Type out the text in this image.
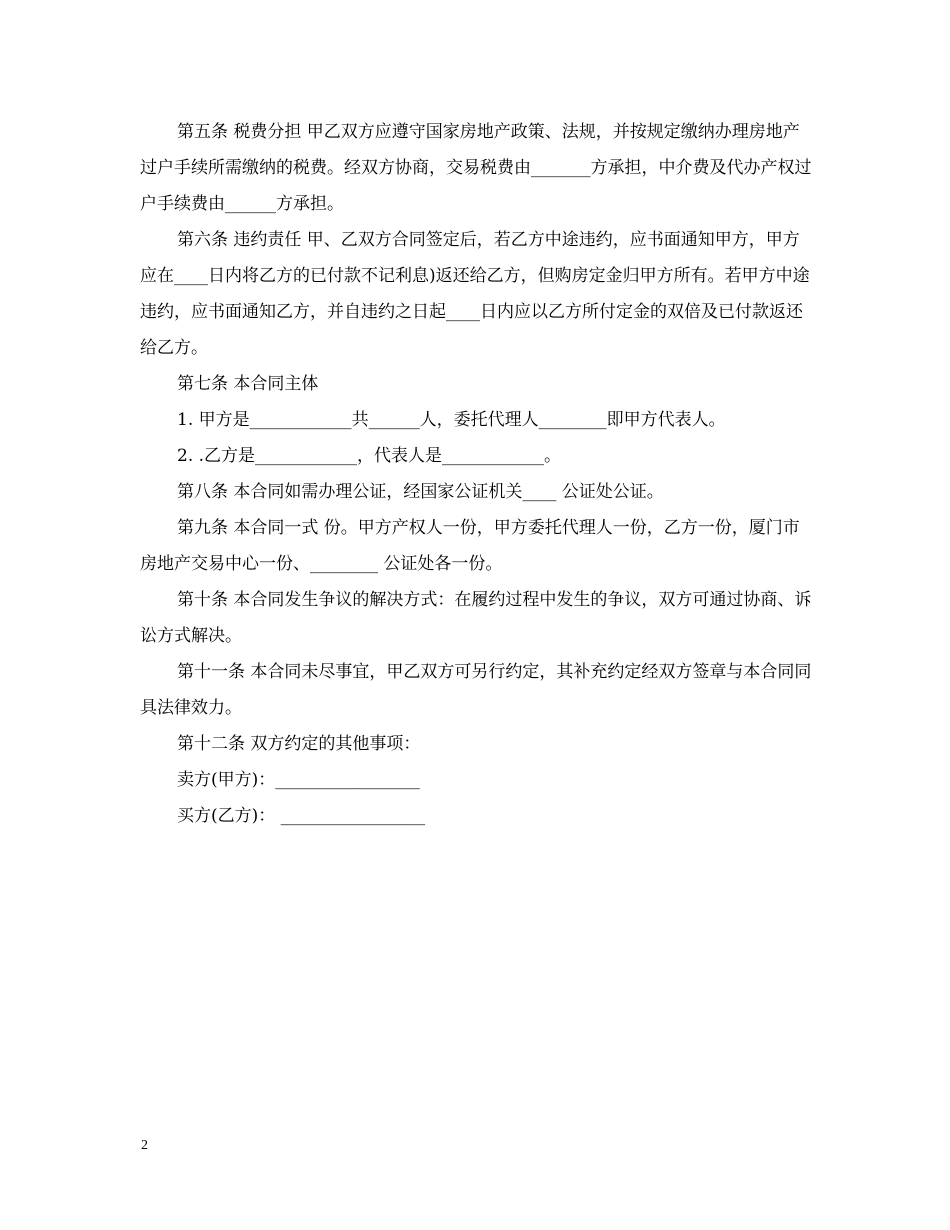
第五条 税费分担 甲乙双方应遵守国家房地产政策、法规，并按规定缴纳办理房地产过户手续所需缴纳的税费。经双方协商，交易税费由_______方承担，中介费及代办产权过户手续费由______方承担。

第六条 违约责任 甲、乙双方合同签定后，若乙方中途违约，应书面通知甲方，甲方应在____日内将乙方的已付款不记利息)返还给乙方，但购房定金归甲方所有。若甲方中途违约，应书面通知乙方，并自违约之日起____日内应以乙方所付定金的双倍及已付款返还给乙方。

第七条 本合同主体

1. 甲方是____________共______人，委托代理人________即甲方代表人。

2. .乙方是____________，代表人是____________。

第八条 本合同如需办理公证，经国家公证机关____ 公证处公证。

第九条 本合同一式 份。甲方产权人一份，甲方委托代理人一份，乙方一份，厦门市房地产交易中心一份、________ 公证处各一份。

第十条 本合同发生争议的解决方式：在履约过程中发生的争议，双方可通过协商、诉讼方式解决。

第十一条 本合同未尽事宜，甲乙双方可另行约定，其补充约定经双方签章与本合同同具法律效力。

第十二条 双方约定的其他事项：

卖方(甲方)：_________________

买方(乙方)： _________________

2
